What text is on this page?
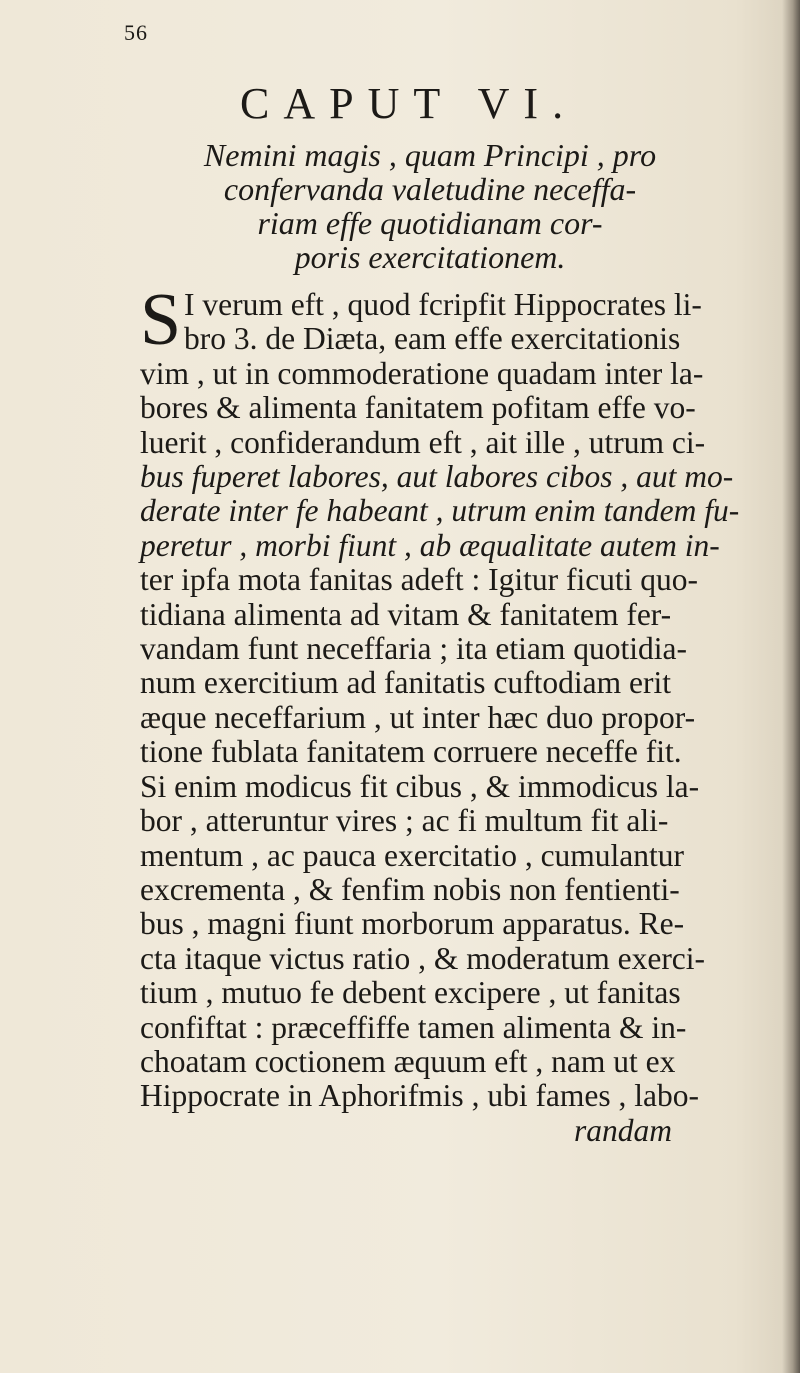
56
CAPUT VI.
Nemini magis , quam Principi , pro
confervanda valetudine neceffa-
riam effe quotidianam cor-
poris exercitationem.
S I verum eft , quod fcripfit Hippocrates li-
bro 3. de Diæta, eam effe exercitationis
vim , ut in commoderatione quadam inter la-
bores & alimenta fanitatem pofitam effe vo-
luerit , confiderandum eft , ait ille , utrum ci-
bus fuperet labores, aut labores cibos , aut mo-
derate inter fe habeant , utrum enim tandem fu-
peretur , morbi fiunt , ab æqualitate autem in-
ter ipfa mota fanitas adeft : Igitur ficuti quo-
tidiana alimenta ad vitam & fanitatem fer-
vandam funt neceffaria ; ita etiam quotidia-
num exercitium ad fanitatis cuftodiam erit
æque neceffarium , ut inter hæc duo propor-
tione fublata fanitatem corruere neceffe fit.
Si enim modicus fit cibus , & immodicus la-
bor , atteruntur vires ; ac fi multum fit ali-
mentum , ac pauca exercitatio , cumulantur
excrementa , & fenfim nobis non fentienti-
bus , magni fiunt morborum apparatus. Re-
cta itaque victus ratio , & moderatum exerci-
tium , mutuo fe debent excipere , ut fanitas
confiftat : præceffiffe tamen alimenta & in-
choatam coctionem æquum eft , nam ut ex
Hippocrate in Aphorifmis , ubi fames , labo-
randam
